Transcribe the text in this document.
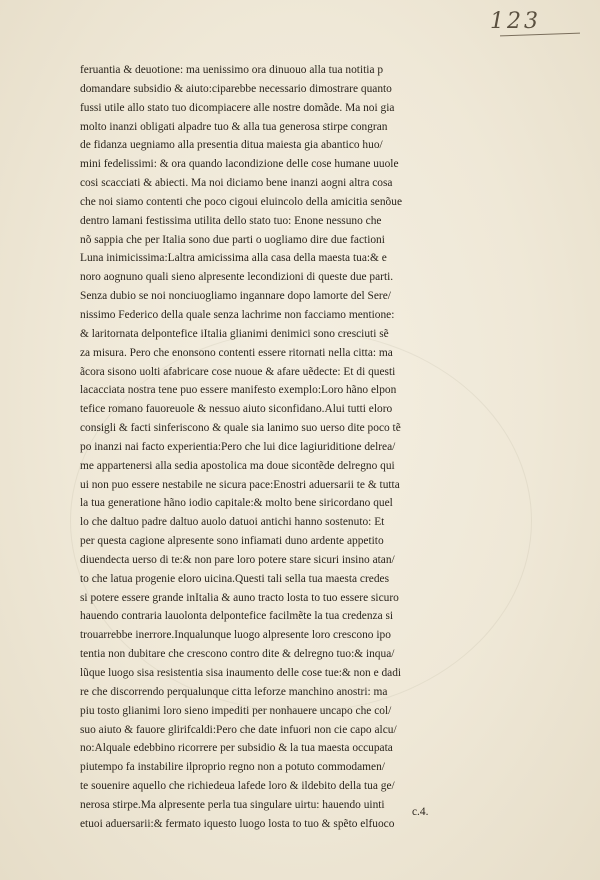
123
feruantia & deuotione: ma uenissimo ora dinuouo alla tua notitia p
domandare subsidio & aiuto:ciparebbe necessario dimostrare quanto
fussi utile allo stato tuo dicompiacere alle nostre domãde. Ma noi gia
molto inanzi obligati alpadre tuo & alla tua generosa stirpe congran
de fidanza uegniamo alla presentia ditua maiesta gia abantico huo/
mini fedelissimi: & ora quando lacondizione delle cose humane uuole
cosi scacciati & abiecti. Ma noi diciamo bene inanzi aogni altra cosa
che noi siamo contenti che poco cigoui eluincolo della amicitia senõue
dentro lamani festissima utilita dello stato tuo: Enone nessuno che
nõ sappia che per Italia sono due parti o uogliamo dire due factioni
Luna inimicissima:Laltra amicissima alla casa della maesta tua:& e
noro aognuno quali sieno alpresente lecondizioni di queste due parti.
Senza dubio se noi nonciuogliamo ingannare dopo lamorte del Sere/
nissimo Federico della quale senza lachrime non facciamo mentione:
& laritornata delpontefice iItalia glianimi denimici sono cresciuti sẽ
za misura. Pero che enonsono contenti essere ritornati nella citta: ma
ãcora sisono uolti afabricare cose nuoue & afare uẽdecte: Et di questi
lacacciata nostra tene puo essere manifesto exemplo:Loro hãno elpon
tefice romano fauoreuole & nessuo aiuto siconfidano.Alui tutti eloro
consigli & facti sinferiscono & quale sia lanimo suo uerso dite poco tẽ
po inanzi nai facto experientia:Pero che lui dice lagiuriditione delrea/
me appartenersi alla sedia apostolica ma doue sicontẽde delregno qui
ui non puo essere nestabile ne sicura pace:Enostri aduersarii te & tutta
la tua generatione hãno iodio capitale:& molto bene siricordano quel
lo che daltuo padre daltuo auolo datuoi antichi hanno sostenuto: Et
per questa cagione alpresente sono infiamati duno ardente appetito
diuendecta uerso di te:& non pare loro potere stare sicuri insino atan/
to che latua progenie eloro uicina.Questi tali sella tua maesta credes
si potere essere grande inItalia & auno tracto losta to tuo essere sicuro
hauendo contraria lauolonta delpontefice facilmẽte la tua credenza si
trouarrebbe inerrore.Inqualunque luogo alpresente loro crescono ipo
tentia non dubitare che crescono contro dite & delregno tuo:& inqua/
lũque luogo sisa resistentia sisa inaumento delle cose tue:& non e dadi
re che discorrendo perqualunque citta leforze manchino anostri: ma
piu tosto glianimi loro sieno impediti per nonhauere uncapo che col/
suo aiuto & fauore glirifcaldi:Pero che date infuori non cie capo alcu/
no:Alquale edebbino ricorrere per subsidio & la tua maesta occupata
piutempo fa instabilire ilproprio regno non a potuto commodamen/
te souenire aquello che richiedeua lafede loro & ildebito della tua ge/
nerosa stirpe.Ma alpresente perla tua singulare uirtu: hauendo uinti
etuoi aduersarii:& fermato iquesto luogo losta to tuo & spẽto elfuoco
c.4.
